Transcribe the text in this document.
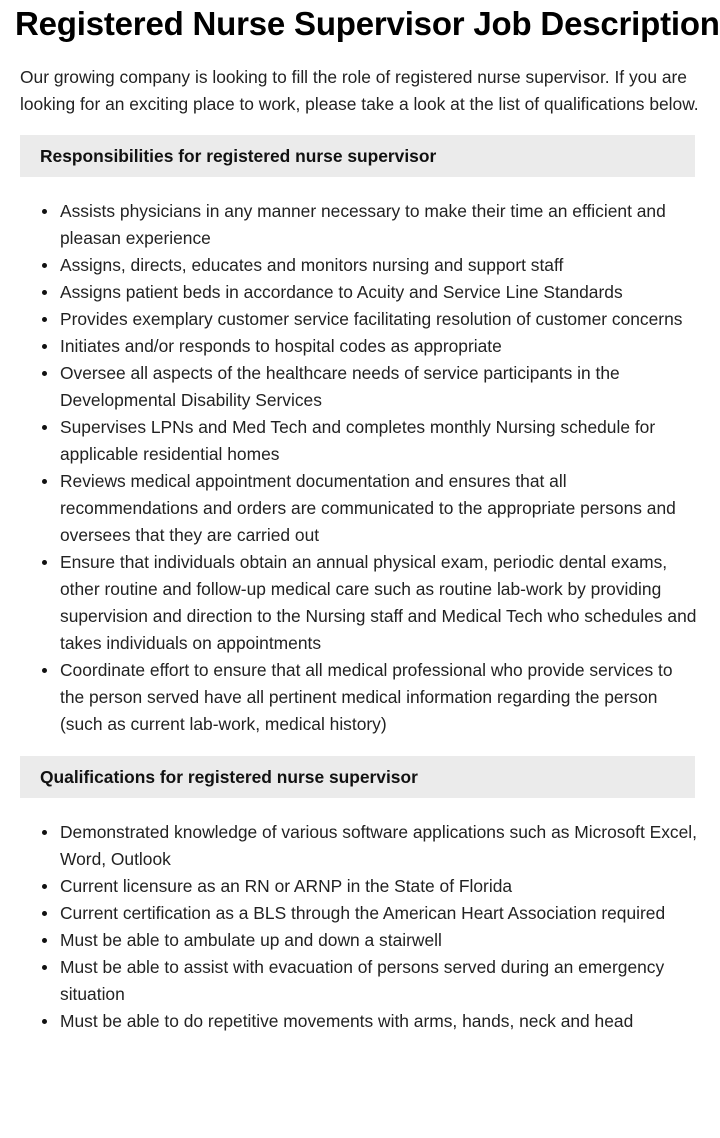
Registered Nurse Supervisor Job Description

Our growing company is looking to fill the role of registered nurse supervisor. If you are looking for an exciting place to work, please take a look at the list of qualifications below.

Responsibilities for registered nurse supervisor
Assists physicians in any manner necessary to make their time an efficient and pleasan experience
Assigns, directs, educates and monitors nursing and support staff
Assigns patient beds in accordance to Acuity and Service Line Standards
Provides exemplary customer service facilitating resolution of customer concerns
Initiates and/or responds to hospital codes as appropriate
Oversee all aspects of the healthcare needs of service participants in the Developmental Disability Services
Supervises LPNs and Med Tech and completes monthly Nursing schedule for applicable residential homes
Reviews medical appointment documentation and ensures that all recommendations and orders are communicated to the appropriate persons and oversees that they are carried out
Ensure that individuals obtain an annual physical exam, periodic dental exams, other routine and follow-up medical care such as routine lab-work by providing supervision and direction to the Nursing staff and Medical Tech who schedules and takes individuals on appointments
Coordinate effort to ensure that all medical professional who provide services to the person served have all pertinent medical information regarding the person (such as current lab-work, medical history)
Qualifications for registered nurse supervisor
Demonstrated knowledge of various software applications such as Microsoft Excel, Word, Outlook
Current licensure as an RN or ARNP in the State of Florida
Current certification as a BLS through the American Heart Association required
Must be able to ambulate up and down a stairwell
Must be able to assist with evacuation of persons served during an emergency situation
Must be able to do repetitive movements with arms, hands, neck and head
